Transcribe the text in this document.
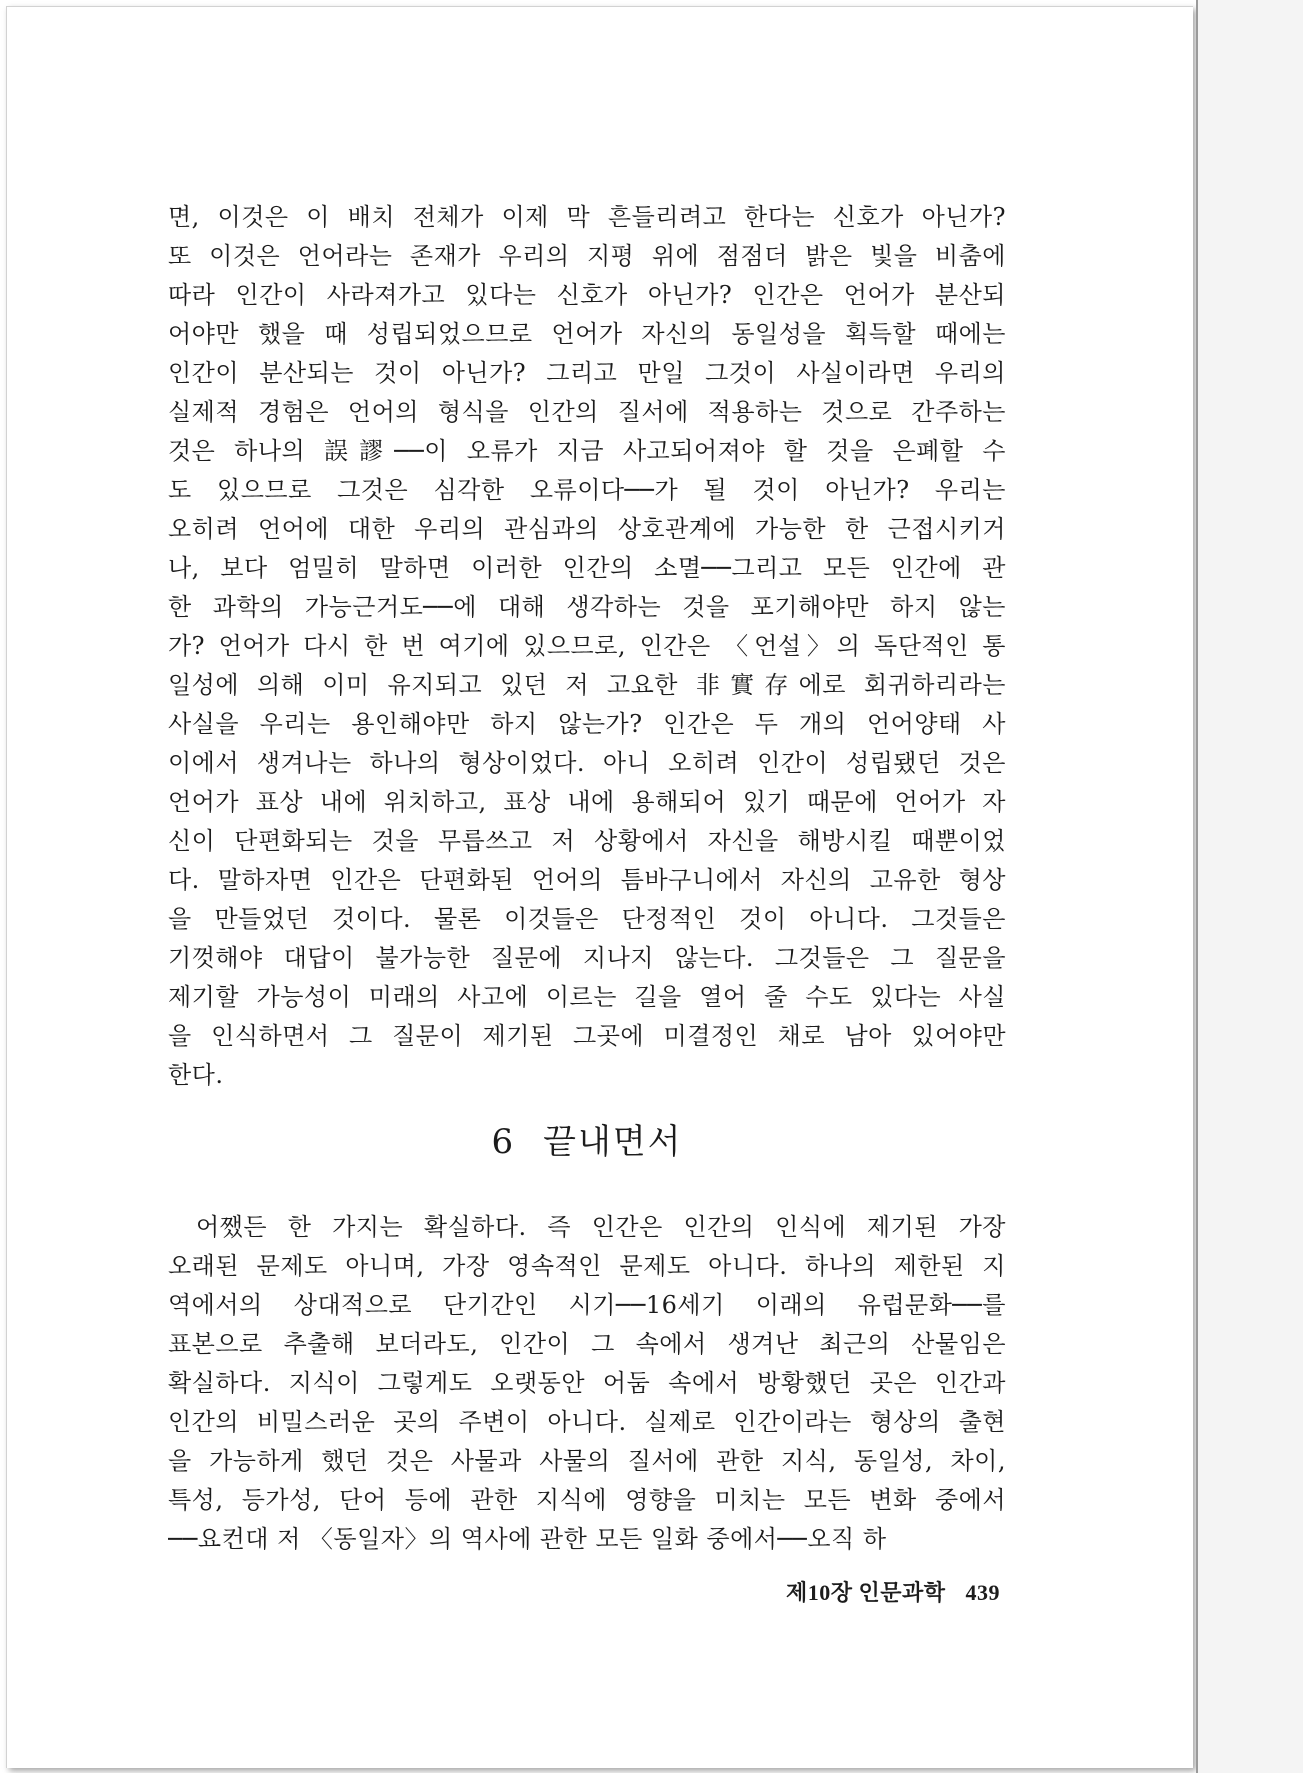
면, 이것은 이 배치 전체가 이제 막 흔들리려고 한다는 신호가 아닌가?
또 이것은 언어라는 존재가 우리의 지평 위에 점점더 밝은 빛을 비춤에
따라 인간이 사라져가고 있다는 신호가 아닌가? 인간은 언어가 분산되
어야만 했을 때 성립되었으므로 언어가 자신의 동일성을 획득할 때에는
인간이 분산되는 것이 아닌가? 그리고 만일 그것이 사실이라면 우리의
실제적 경험은 언어의 형식을 인간의 질서에 적용하는 것으로 간주하는
것은 하나의 誤謬──이 오류가 지금 사고되어져야 할 것을 은폐할 수
도 있으므로 그것은 심각한 오류이다──가 될 것이 아닌가? 우리는
오히려 언어에 대한 우리의 관심과의 상호관계에 가능한 한 근접시키거
나, 보다 엄밀히 말하면 이러한 인간의 소멸──그리고 모든 인간에 관
한 과학의 가능근거도──에 대해 생각하는 것을 포기해야만 하지 않는
가? 언어가 다시 한 번 여기에 있으므로, 인간은 〈언설〉의 독단적인 통
일성에 의해 이미 유지되고 있던 저 고요한 非實存에로 회귀하리라는
사실을 우리는 용인해야만 하지 않는가? 인간은 두 개의 언어양태 사
이에서 생겨나는 하나의 형상이었다. 아니 오히려 인간이 성립됐던 것은
언어가 표상 내에 위치하고, 표상 내에 용해되어 있기 때문에 언어가 자
신이 단편화되는 것을 무릅쓰고 저 상황에서 자신을 해방시킬 때뿐이었
다. 말하자면 인간은 단편화된 언어의 틈바구니에서 자신의 고유한 형상
을 만들었던 것이다. 물론 이것들은 단정적인 것이 아니다. 그것들은
기껏해야 대답이 불가능한 질문에 지나지 않는다. 그것들은 그 질문을
제기할 가능성이 미래의 사고에 이르는 길을 열어 줄 수도 있다는 사실
을 인식하면서 그 질문이 제기된 그곳에 미결정인 채로 남아 있어야만
한다.
6 끝내면서
어쨌든 한 가지는 확실하다. 즉 인간은 인간의 인식에 제기된 가장
오래된 문제도 아니며, 가장 영속적인 문제도 아니다. 하나의 제한된 지
역에서의 상대적으로 단기간인 시기──16세기 이래의 유럽문화──를
표본으로 추출해 보더라도, 인간이 그 속에서 생겨난 최근의 산물임은
확실하다. 지식이 그렇게도 오랫동안 어둠 속에서 방황했던 곳은 인간과
인간의 비밀스러운 곳의 주변이 아니다. 실제로 인간이라는 형상의 출현
을 가능하게 했던 것은 사물과 사물의 질서에 관한 지식, 동일성, 차이,
특성, 등가성, 단어 등에 관한 지식에 영향을 미치는 모든 변화 중에서
──요컨대 저 〈동일자〉의 역사에 관한 모든 일화 중에서──오직 하
제10장 인문과학 439
